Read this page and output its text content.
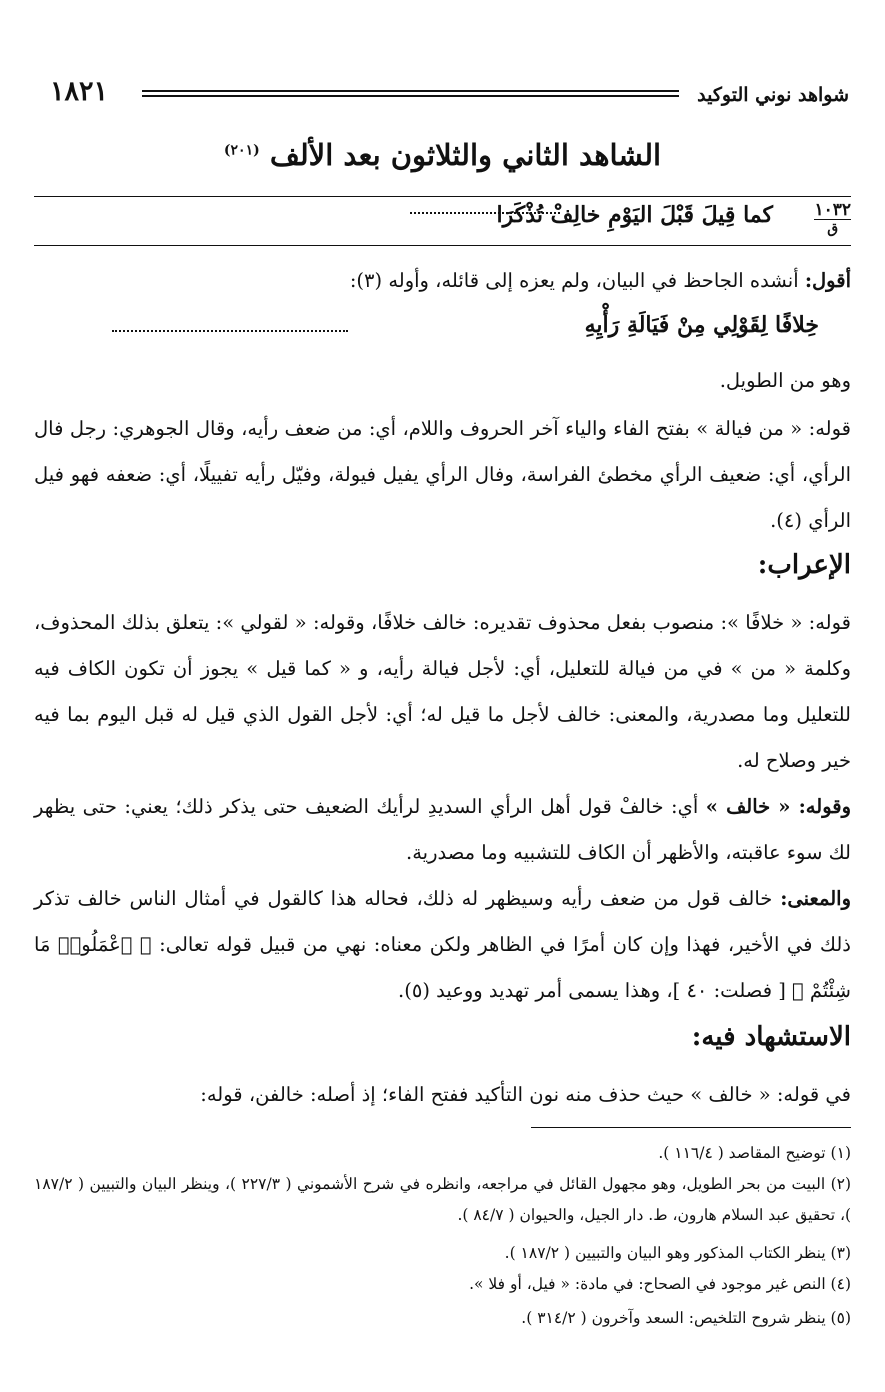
شواهد نوني التوكيد
١٨٢١
الشاهد الثاني والثلاثون بعد الألف $^{(٢٠١)}$
١٠٣٢
ق
كما قِيلَ قَبْلَ اليَوْمِ خالِفْ تُذْكَرَا
أقول: أنشده الجاحظ في البيان، ولم يعزه إلى قائله، وأوله (٣):
خِلافًا لِقَوْلِي مِنْ فَيَالَةِ رَأْيِهِ
وهو من الطويل.
قوله: « من فيالة » بفتح الفاء والياء آخر الحروف واللام، أي: من ضعف رأيه، وقال الجوهري: رجل فال الرأي، أي: ضعيف الرأي مخطئ الفراسة، وفال الرأي يفيل فيولة، وفيّل رأيه تفييلًا، أي: ضعفه فهو فيل الرأي (٤).
الإعراب:
قوله: « خلافًا »: منصوب بفعل محذوف تقديره: خالف خلافًا، وقوله: « لقولي »: يتعلق بذلك المحذوف، وكلمة « من » في من فيالة للتعليل، أي: لأجل فيالة رأيه، و « كما قيل » يجوز أن تكون الكاف فيه للتعليل وما مصدرية، والمعنى: خالف لأجل ما قيل له؛ أي: لأجل القول الذي قيل له قبل اليوم بما فيه خير وصلاح له.
وقوله: « خالف » أي: خالفْ قول أهل الرأي السديدِ لرأيك الضعيف حتى يذكر ذلك؛ يعني: حتى يظهر لك سوء عاقبته، والأظهر أن الكاف للتشبيه وما مصدرية.
والمعنى: خالف قول من ضعف رأيه وسيظهر له ذلك، فحاله هذا كالقول في أمثال الناس خالف تذكر ذلك في الأخير، فهذا وإن كان أمرًا في الظاهر ولكن معناه: نهي من قبيل قوله تعالى: ﴿ ٱعْمَلُوا۟ مَا شِئْتُمْ ﴾ [ فصلت: ٤٠ ]، وهذا يسمى أمر تهديد ووعيد (٥).
الاستشهاد فيه:
في قوله: « خالف » حيث حذف منه نون التأكيد ففتح الفاء؛ إذ أصله: خالفن، قوله:
(١) توضيح المقاصد ( ١١٦/٤ ).
(٢) البيت من بحر الطويل، وهو مجهول القائل في مراجعه، وانظره في شرح الأشموني ( ٢٢٧/٣ )، وينظر البيان والتبيين ( ١٨٧/٢ )، تحقيق عبد السلام هارون، ط. دار الجيل، والحيوان ( ٨٤/٧ ).
(٣) ينظر الكتاب المذكور وهو البيان والتبيين ( ١٨٧/٢ ).
(٤) النص غير موجود في الصحاح: في مادة: « فيل، أو فلا ».
(٥) ينظر شروح التلخيص: السعد وآخرون ( ٣١٤/٢ ).
